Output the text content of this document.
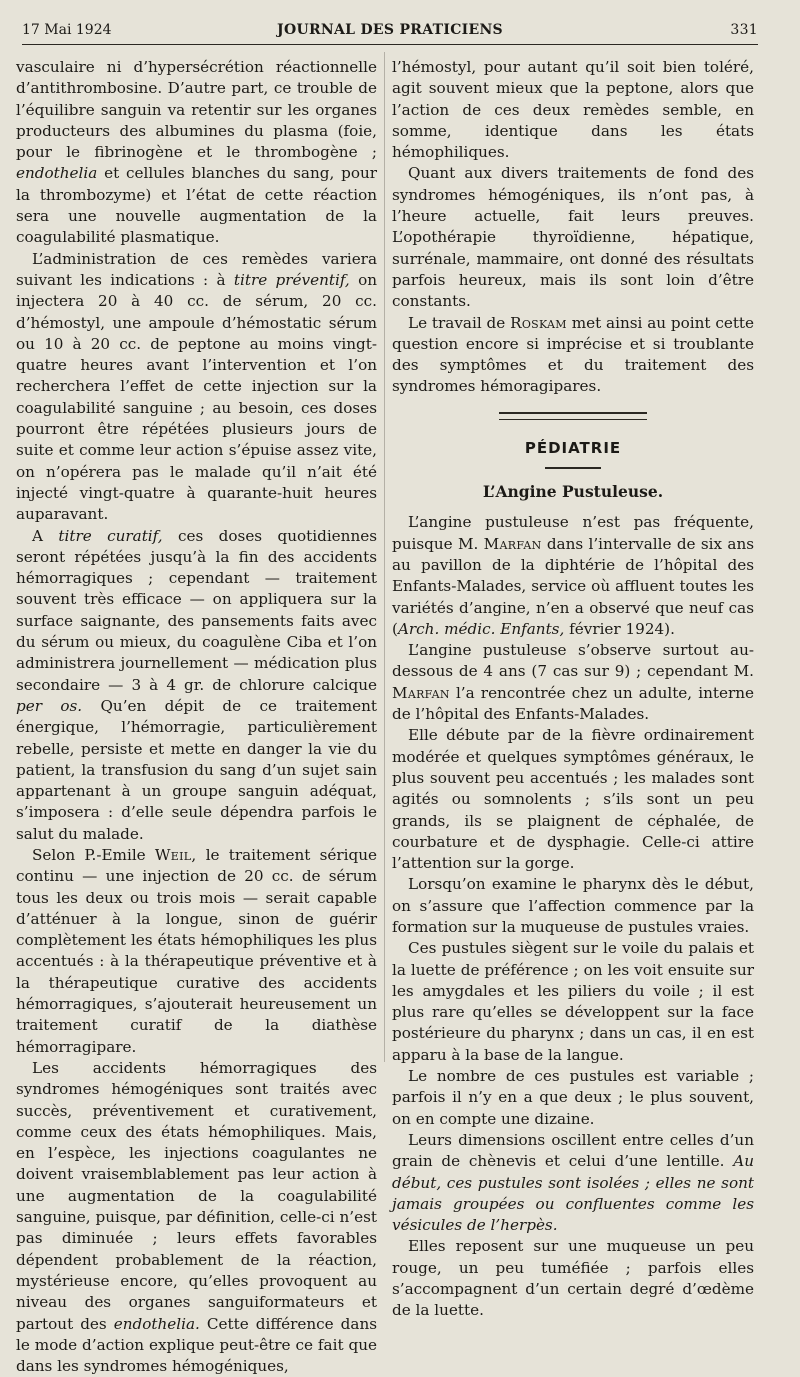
17 Mai 1924	JOURNAL DES PRATICIENS	331

vasculaire ni d’hypersécrétion réactionnelle d’antithrombosine. D’autre part, ce trouble de l’équilibre sanguin va retentir sur les organes producteurs des albumines du plasma (foie, pour le fibrinogène et le thrombogène ; endothelia et cellules blanches du sang, pour la thrombozyme) et l’état de cette réaction sera une nouvelle augmentation de la coagulabilité plasmatique.

L’administration de ces remèdes variera suivant les indications : à titre préventif, on injectera 20 à 40 cc. de sérum, 20 cc. d’hémostyl, une ampoule d’hémostatic sérum ou 10 à 20 cc. de peptone au moins vingt-quatre heures avant l’intervention et l’on recherchera l’effet de cette injection sur la coagulabilité sanguine ; au besoin, ces doses pourront être répétées plusieurs jours de suite et comme leur action s’épuise assez vite, on n’opérera pas le malade qu’il n’ait été injecté vingt-quatre à quarante-huit heures auparavant.

A titre curatif, ces doses quotidiennes seront répétées jusqu’à la fin des accidents hémorragiques ; cependant — traitement souvent très efficace — on appliquera sur la surface saignante, des pansements faits avec du sérum ou mieux, du coagulène Ciba et l’on administrera journellement — médication plus secondaire — 3 à 4 gr. de chlorure calcique per os. Qu’en dépit de ce traitement énergique, l’hémorragie, particulièrement rebelle, persiste et mette en danger la vie du patient, la transfusion du sang d’un sujet sain appartenant à un groupe sanguin adéquat, s’imposera : d’elle seule dépendra parfois le salut du malade.

Selon P.-Emile Weil, le traitement sérique continu — une injection de 20 cc. de sérum tous les deux ou trois mois — serait capable d’atténuer à la longue, sinon de guérir complètement les états hémophiliques les plus accentués : à la thérapeutique préventive et à la thérapeutique curative des accidents hémorragiques, s’ajouterait heureusement un traitement curatif de la diathèse hémorragipare.

Les accidents hémorragiques des syndromes hémogéniques sont traités avec succès, préventivement et curativement, comme ceux des états hémophiliques. Mais, en l’espèce, les injections coagulantes ne doivent vraisemblablement pas leur action à une augmentation de la coagulabilité sanguine, puisque, par définition, celle-ci n’est pas diminuée ; leurs effets favorables dépendent probablement de la réaction, mystérieuse encore, qu’elles provoquent au niveau des organes sanguiformateurs et partout des endothelia. Cette différence dans le mode d’action explique peut-être ce fait que dans les syndromes hémogéniques,

l’hémostyl, pour autant qu’il soit bien toléré, agit souvent mieux que la peptone, alors que l’action de ces deux remèdes semble, en somme, identique dans les états hémophiliques.

Quant aux divers traitements de fond des syndromes hémogéniques, ils n’ont pas, à l’heure actuelle, fait leurs preuves. L’opothérapie thyroïdienne, hépatique, surrénale, mammaire, ont donné des résultats parfois heureux, mais ils sont loin d’être constants.

Le travail de Roskam met ainsi au point cette question encore si imprécise et si troublante des symptômes et du traitement des syndromes hémoragipares.

PÉDIATRIE
L’Angine Pustuleuse.

L’angine pustuleuse n’est pas fréquente, puisque M. Marfan dans l’intervalle de six ans au pavillon de la diphtérie de l’hôpital des Enfants-Malades, service où affluent toutes les variétés d’angine, n’en a observé que neuf cas (Arch. médic. Enfants, février 1924).

L’angine pustuleuse s’observe surtout au-dessous de 4 ans (7 cas sur 9) ; cependant M. Marfan l’a rencontrée chez un adulte, interne de l’hôpital des Enfants-Malades.

Elle débute par de la fièvre ordinairement modérée et quelques symptômes généraux, le plus souvent peu accentués ; les malades sont agités ou somnolents ; s’ils sont un peu grands, ils se plaignent de céphalée, de courbature et de dysphagie. Celle-ci attire l’attention sur la gorge.

Lorsqu’on examine le pharynx dès le début, on s’assure que l’affection commence par la formation sur la muqueuse de pustules vraies.

Ces pustules siègent sur le voile du palais et la luette de préférence ; on les voit ensuite sur les amygdales et les piliers du voile ; il est plus rare qu’elles se développent sur la face postérieure du pharynx ; dans un cas, il en est apparu à la base de la langue.

Le nombre de ces pustules est variable ; parfois il n’y en a que deux ; le plus souvent, on en compte une dizaine.

Leurs dimensions oscillent entre celles d’un grain de chènevis et celui d’une lentille. Au début, ces pustules sont isolées ; elles ne sont jamais groupées ou confluentes comme les vésicules de l’herpès.

Elles reposent sur une muqueuse un peu rouge, un peu tuméfiée ; parfois elles s’accompagnent d’un certain degré d’œdème de la luette.
